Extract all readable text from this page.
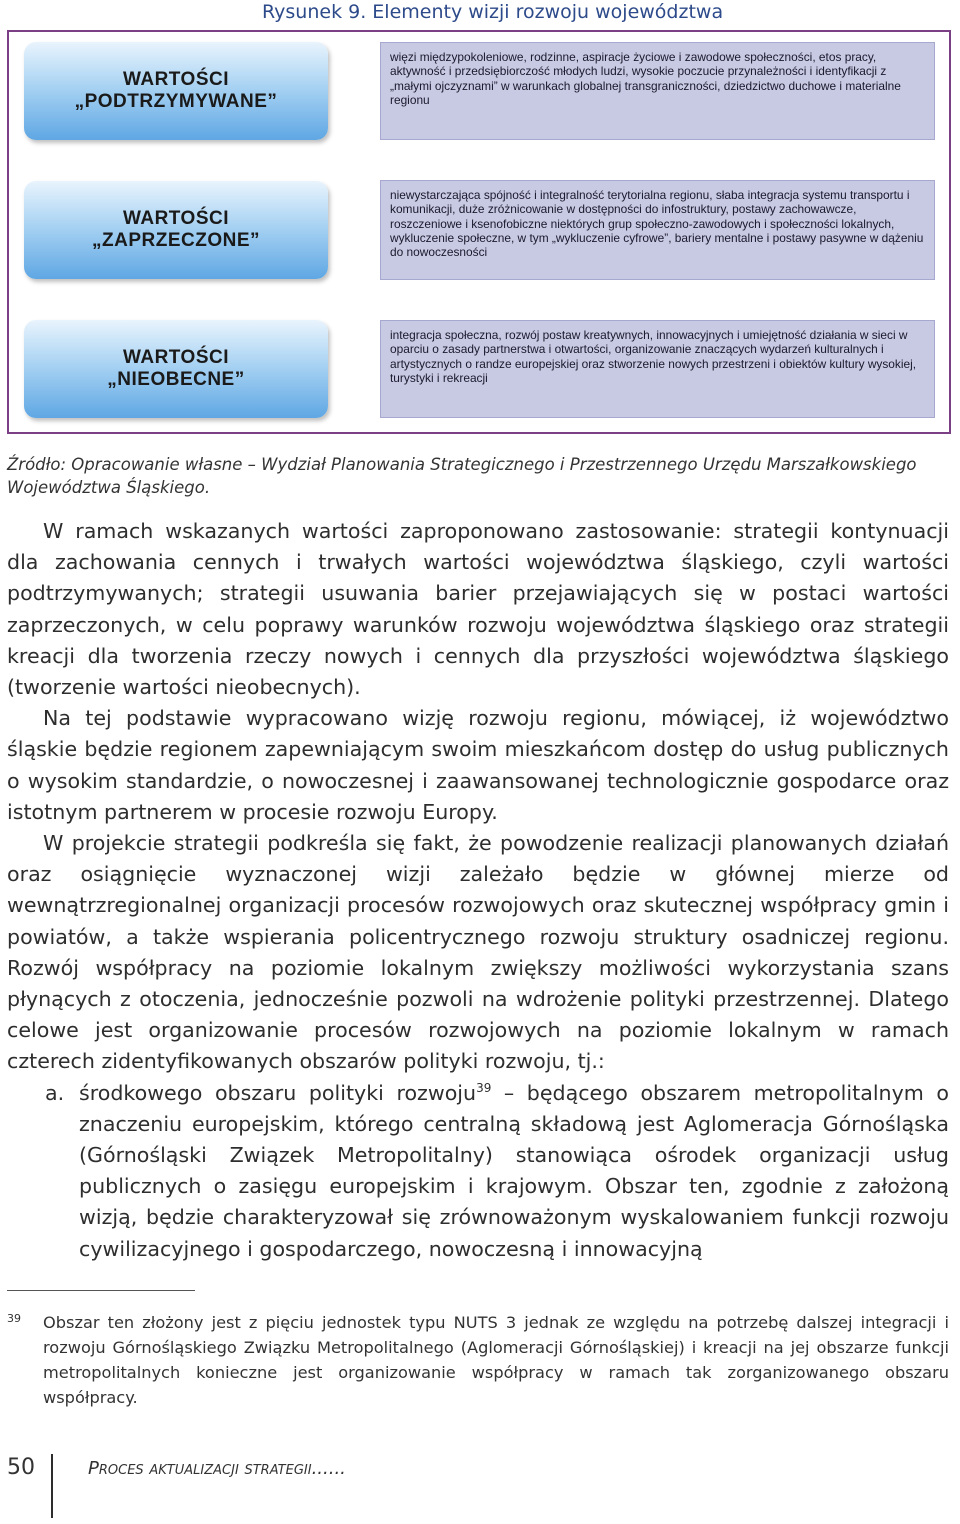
Rysunek 9. Elementy wizji rozwoju województwa
WARTOŚCI
„PODTRZYMYWANE”
więzi międzypokoleniowe, rodzinne, aspiracje życiowe i zawodowe społeczności, etos pracy, aktywność i przedsiębiorczość młodych ludzi, wysokie poczucie przynależności i identyfikacji z „małymi ojczyznami” w warunkach globalnej transgraniczności, dziedzictwo duchowe i materialne regionu
WARTOŚCI
„ZAPRZECZONE”
niewystarczająca spójność i integralność terytorialna regionu, słaba integracja systemu transportu i komunikacji, duże zróżnicowanie w dostępności do infostruktury, postawy zachowawcze, roszczeniowe i ksenofobiczne niektórych grup społeczno-zawodowych i społeczności lokalnych, wykluczenie społeczne, w tym „wykluczenie cyfrowe”, bariery mentalne i postawy pasywne w dążeniu do nowoczesności
WARTOŚCI
„NIEOBECNE”
integracja społeczna, rozwój postaw kreatywnych, innowacyjnych i umiejętność działania w sieci w oparciu o zasady partnerstwa i otwartości, organizowanie znaczących wydarzeń kulturalnych i artystycznych o randze europejskiej oraz stworzenie nowych przestrzeni i obiektów kultury wysokiej, turystyki i rekreacji
Źródło: Opracowanie własne – Wydział Planowania Strategicznego i Przestrzennego Urzędu Marszałkowskiego Województwa Śląskiego.

W ramach wskazanych wartości zaproponowano zastosowanie: strategii kontynuacji dla zachowania cennych i trwałych wartości województwa śląskiego, czyli wartości podtrzymywanych; strategii usuwania barier przejawiających się w postaci wartości zaprzeczonych, w celu poprawy warunków rozwoju województwa śląskiego oraz strategii kreacji dla tworzenia rzeczy nowych i cennych dla przyszłości województwa śląskiego (tworzenie wartości nieobecnych).

Na tej podstawie wypracowano wizję rozwoju regionu, mówiącej, iż województwo śląskie będzie regionem zapewniającym swoim mieszkańcom dostęp do usług publicznych o wysokim standardzie, o nowoczesnej i zaawansowanej technologicznie gospodarce oraz istotnym partnerem w procesie rozwoju Europy.

W projekcie strategii podkreśla się fakt, że powodzenie realizacji planowanych działań oraz osiągnięcie wyznaczonej wizji zależało będzie w głównej mierze od wewnątrzregionalnej organizacji procesów rozwojowych oraz skutecznej współpracy gmin i powiatów, a także wspierania policentrycznego rozwoju struktury osadniczej regionu. Rozwój współpracy na poziomie lokalnym zwiększy możliwości wykorzystania szans płynących z otoczenia, jednocześnie pozwoli na wdrożenie polityki przestrzennej. Dlatego celowe jest organizowanie procesów rozwojowych na poziomie lokalnym w ramach czterech zidentyfikowanych obszarów polityki rozwoju, tj.:

a. środkowego obszaru polityki rozwoju$^{39}$ – będącego obszarem metropolitalnym o znaczeniu europejskim, którego centralną składową jest Aglomeracja Górnośląska (Górnośląski Związek Metropolitalny) stanowiąca ośrodek organizacji usług publicznych o zasięgu europejskim i krajowym. Obszar ten, zgodnie z założoną wizją, będzie charakteryzował się zrównoważonym wyskalowaniem funkcji rozwoju cywilizacyjnego i gospodarczego, nowoczesną i innowacyjną
39	Obszar ten złożony jest z pięciu jednostek typu NUTS 3 jednak ze względu na potrzebę dalszej integracji i rozwoju Górnośląskiego Związku Metropolitalnego (Aglomeracji Górnośląskiej) i kreacji na jej obszarze funkcji metropolitalnych konieczne jest organizowanie współpracy w ramach tak zorganizowanego obszaru współpracy.
50	Proces aktualizacji strategii......
